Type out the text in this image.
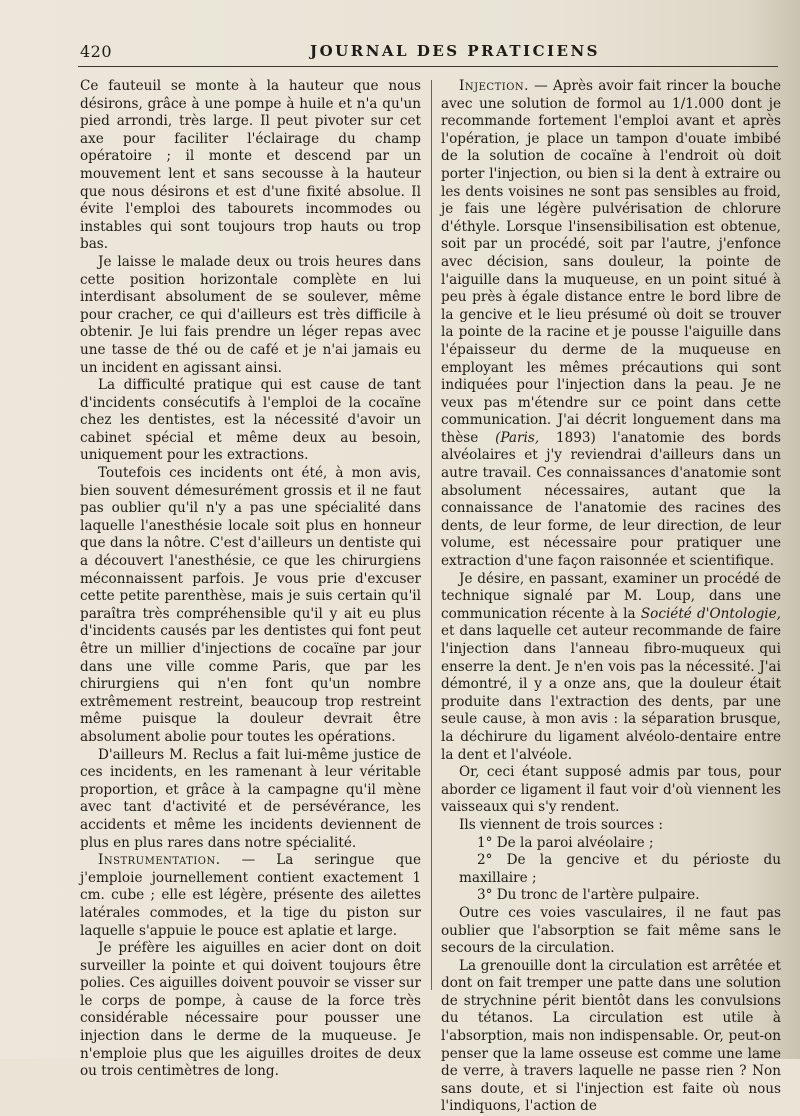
420	JOURNAL DES PRATICIENS

Ce fauteuil se monte à la hauteur que nous désirons, grâce à une pompe à huile et n'a qu'un pied arrondi, très large. Il peut pivoter sur cet axe pour faciliter l'éclairage du champ opératoire ; il monte et descend par un mouvement lent et sans secousse à la hauteur que nous désirons et est d'une fixité absolue. Il évite l'emploi des tabourets incommodes ou instables qui sont toujours trop hauts ou trop bas.

Je laisse le malade deux ou trois heures dans cette position horizontale complète en lui interdisant absolument de se soulever, même pour cracher, ce qui d'ailleurs est très difficile à obtenir. Je lui fais prendre un léger repas avec une tasse de thé ou de café et je n'ai jamais eu un incident en agissant ainsi.

La difficulté pratique qui est cause de tant d'incidents consécutifs à l'emploi de la cocaïne chez les dentistes, est la nécessité d'avoir un cabinet spécial et même deux au besoin, uniquement pour les extractions.

Toutefois ces incidents ont été, à mon avis, bien souvent démesurément grossis et il ne faut pas oublier qu'il n'y a pas une spécialité dans laquelle l'anesthésie locale soit plus en honneur que dans la nôtre. C'est d'ailleurs un dentiste qui a découvert l'anesthésie, ce que les chirurgiens méconnaissent parfois. Je vous prie d'excuser cette petite parenthèse, mais je suis certain qu'il paraîtra très compréhensible qu'il y ait eu plus d'incidents causés par les dentistes qui font peut être un millier d'injections de cocaïne par jour dans une ville comme Paris, que par les chirurgiens qui n'en font qu'un nombre extrêmement restreint, beaucoup trop restreint même puisque la douleur devrait être absolument abolie pour toutes les opérations.

D'ailleurs M. Reclus a fait lui-même justice de ces incidents, en les ramenant à leur véritable proportion, et grâce à la campagne qu'il mène avec tant d'activité et de persévérance, les accidents et même les incidents deviennent de plus en plus rares dans notre spécialité.

Instrumentation. — La seringue que j'emploie journellement contient exactement 1 cm. cube ; elle est légère, présente des ailettes latérales commodes, et la tige du piston sur laquelle s'appuie le pouce est aplatie et large.

Je préfère les aiguilles en acier dont on doit surveiller la pointe et qui doivent toujours être polies. Ces aiguilles doivent pouvoir se visser sur le corps de pompe, à cause de la force très considérable nécessaire pour pousser une injection dans le derme de la muqueuse. Je n'emploie plus que les aiguilles droites de deux ou trois centimètres de long.

Injection. — Après avoir fait rincer la bouche avec une solution de formol au 1/1.000 dont je recommande fortement l'emploi avant et après l'opération, je place un tampon d'ouate imbibé de la solution de cocaïne à l'endroit où doit porter l'injection, ou bien si la dent à extraire ou les dents voisines ne sont pas sensibles au froid, je fais une légère pulvérisation de chlorure d'éthyle. Lorsque l'insensibilisation est obtenue, soit par un procédé, soit par l'autre, j'enfonce avec décision, sans douleur, la pointe de l'aiguille dans la muqueuse, en un point situé à peu près à égale distance entre le bord libre de la gencive et le lieu présumé où doit se trouver la pointe de la racine et je pousse l'aiguille dans l'épaisseur du derme de la muqueuse en employant les mêmes précautions qui sont indiquées pour l'injection dans la peau. Je ne veux pas m'étendre sur ce point dans cette communication. J'ai décrit longuement dans ma thèse (Paris, 1893) l'anatomie des bords alvéolaires et j'y reviendrai d'ailleurs dans un autre travail. Ces connaissances d'anatomie sont absolument nécessaires, autant que la connaissance de l'anatomie des racines des dents, de leur forme, de leur direction, de leur volume, est nécessaire pour pratiquer une extraction d'une façon raisonnée et scientifique.

Je désire, en passant, examiner un procédé de technique signalé par M. Loup, dans une communication récente à la Société d'Ontologie, et dans laquelle cet auteur recommande de faire l'injection dans l'anneau fibro-muqueux qui enserre la dent. Je n'en vois pas la nécessité. J'ai démontré, il y a onze ans, que la douleur était produite dans l'extraction des dents, par une seule cause, à mon avis : la séparation brusque, la déchirure du ligament alvéolo-dentaire entre la dent et l'alvéole.

Or, ceci étant supposé admis par tous, pour aborder ce ligament il faut voir d'où viennent les vaisseaux qui s'y rendent.

Ils viennent de trois sources :

1° De la paroi alvéolaire ;

2° De la gencive et du périoste du maxillaire ;

3° Du tronc de l'artère pulpaire.

Outre ces voies vasculaires, il ne faut pas oublier que l'absorption se fait même sans le secours de la circulation.

La grenouille dont la circulation est arrêtée et dont on fait tremper une patte dans une solution de strychnine périt bientôt dans les convulsions du tétanos. La circulation est utile à l'absorption, mais non indispensable. Or, peut-on penser que la lame osseuse est comme une lame de verre, à travers laquelle ne passe rien ? Non sans doute, et si l'injection est faite où nous l'indiquons, l'action de
